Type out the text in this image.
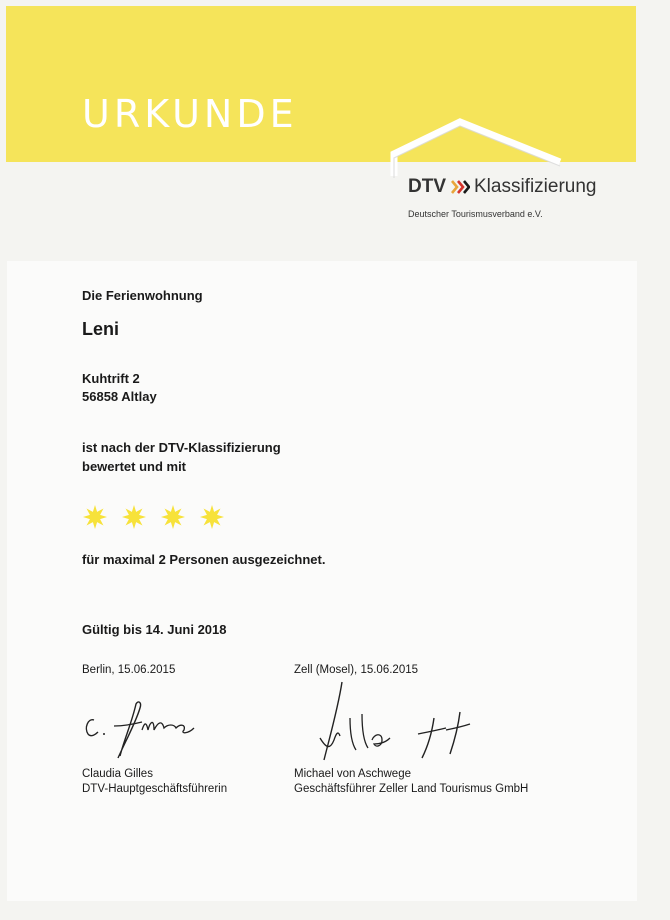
URKUNDE
DTV Klassifizierung
Deutscher Tourismusverband e.V.
Die Ferienwohnung
Leni
Kuhtrift 2
56858 Altlay
ist nach der DTV-Klassifizierung
bewertet und mit
für maximal 2 Personen ausgezeichnet.
Gültig bis 14. Juni 2018
Berlin, 15.06.2015	Zell (Mosel), 15.06.2015
Claudia Gilles
DTV-Hauptgeschäftsführerin
Michael von Aschwege
Geschäftsführer Zeller Land Tourismus GmbH
